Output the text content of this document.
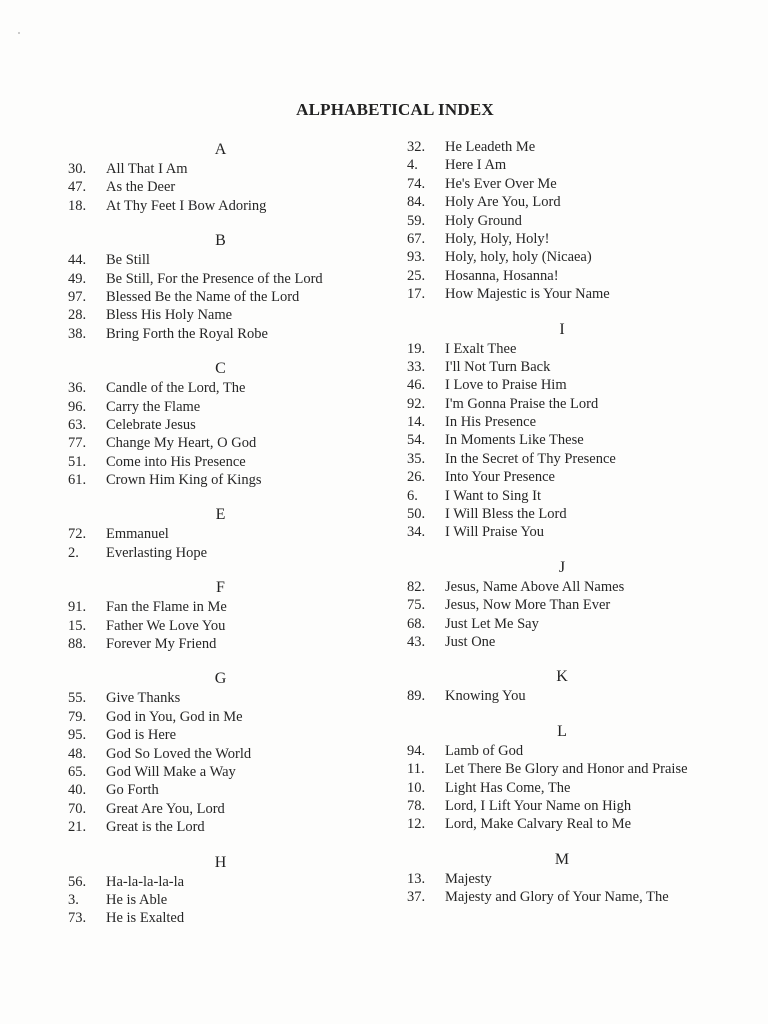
ALPHABETICAL INDEX
A
30.	All That I Am
47.	As the Deer
18.	At Thy Feet I Bow Adoring
B
44.	Be Still
49.	Be Still, For the Presence of the Lord
97.	Blessed Be the Name of the Lord
28.	Bless His Holy Name
38.	Bring Forth the Royal Robe
C
36.	Candle of the Lord, The
96.	Carry the Flame
63.	Celebrate Jesus
77.	Change My Heart, O God
51.	Come into His Presence
61.	Crown Him King of Kings
E
72.	Emmanuel
2.	Everlasting Hope
F
91.	Fan the Flame in Me
15.	Father We Love You
88.	Forever My Friend
G
55.	Give Thanks
79.	God in You, God in Me
95.	God is Here
48.	God So Loved the World
65.	God Will Make a Way
40.	Go Forth
70.	Great Are You, Lord
21.	Great is the Lord
H
56.	Ha-la-la-la-la
3.	He is Able
73.	He is Exalted
32.	He Leadeth Me
4.	Here I Am
74.	He's Ever Over Me
84.	Holy Are You, Lord
59.	Holy Ground
67.	Holy, Holy, Holy!
93.	Holy, holy, holy (Nicaea)
25.	Hosanna, Hosanna!
17.	How Majestic is Your Name
I
19.	I Exalt Thee
33.	I'll Not Turn Back
46.	I Love to Praise Him
92.	I'm Gonna Praise the Lord
14.	In His Presence
54.	In Moments Like These
35.	In the Secret of Thy Presence
26.	Into Your Presence
6.	I Want to Sing It
50.	I Will Bless the Lord
34.	I Will Praise You
J
82.	Jesus, Name Above All Names
75.	Jesus, Now More Than Ever
68.	Just Let Me Say
43.	Just One
K
89.	Knowing You
L
94.	Lamb of God
11.	Let There Be Glory and Honor and Praise
10.	Light Has Come, The
78.	Lord, I Lift Your Name on High
12.	Lord, Make Calvary Real to Me
M
13.	Majesty
37.	Majesty and Glory of Your Name, The
